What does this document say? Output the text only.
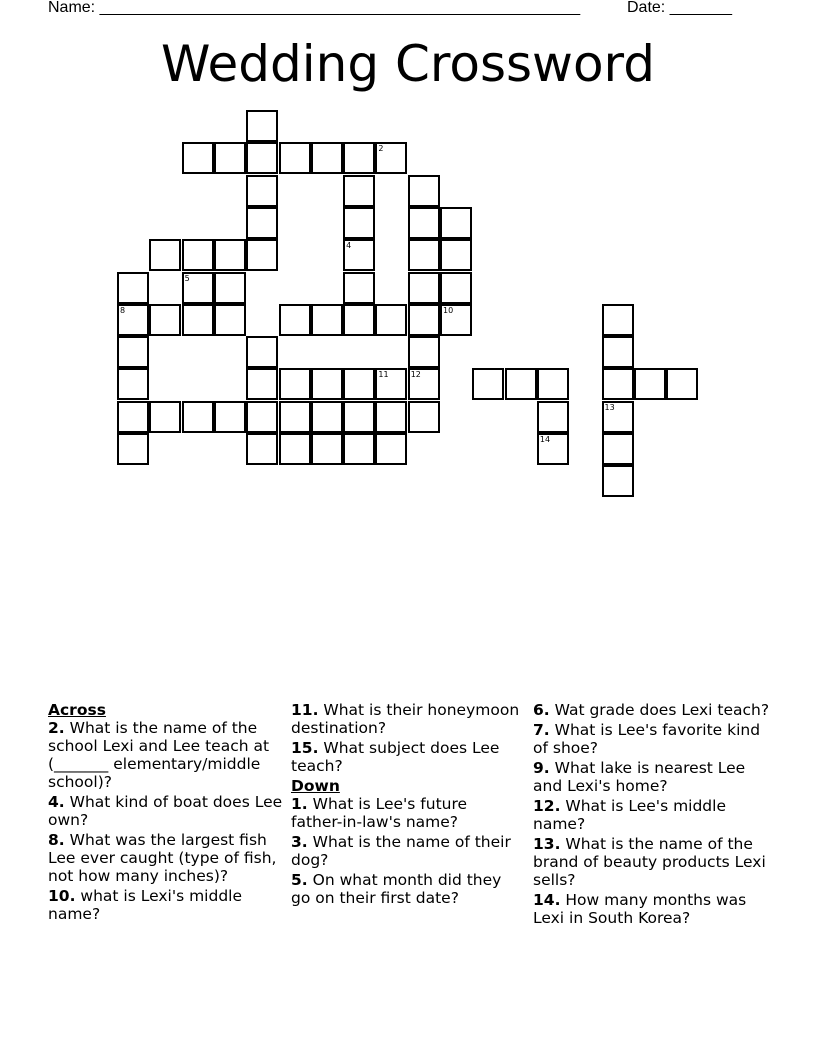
Name: ______________________________________________________	Date: _______
Wedding Crossword
2
10
8
5
11
4
12
14
13
Across
2. What is the name of the school Lexi and Lee teach at (_______ elementary/middle school)?
4. What kind of boat does Lee own?
8. What was the largest fish Lee ever caught (type of fish, not how many inches)?
10. what is Lexi's middle name?
11. What is their honeymoon destination?
15. What subject does Lee teach?
Down
1. What is Lee's future father-in-law's name?
3. What is the name of their dog?
5. On what month did they go on their first date?
6. Wat grade does Lexi teach?
7. What is Lee's favorite kind of shoe?
9. What lake is nearest Lee and Lexi's home?
12. What is Lee's middle name?
13. What is the name of the brand of beauty products Lexi sells?
14. How many months was Lexi in South Korea?
